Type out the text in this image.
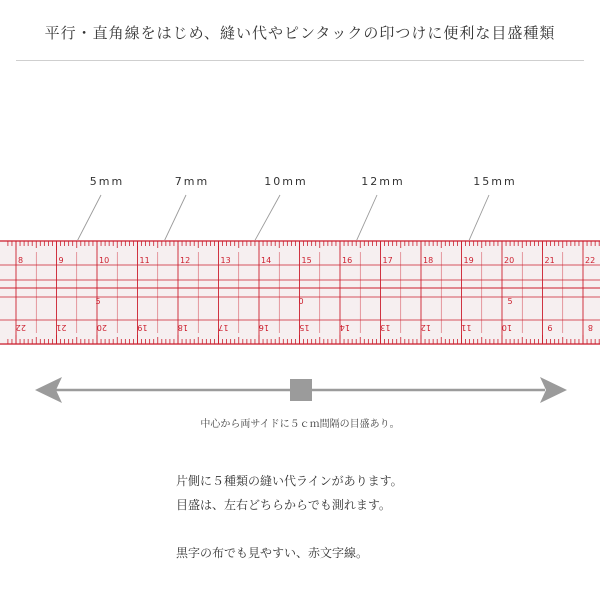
平行・直角線をはじめ、縫い代やピンタックの印つけに便利な目盛種類
5mm	7mm	10mm	12mm	15mm
8	9	10	11	12	13	14	15	16	17	18	19	20	21	22
22	21	20	19	18	17	16	15	14	13	12	11	10	9	8
5	0	5
中心から両サイドに５ｃｍ間隔の目盛あり。
片側に５種類の縫い代ラインがあります。
目盛は、左右どちらからでも測れます。
黒字の布でも見やすい、赤文字線。
